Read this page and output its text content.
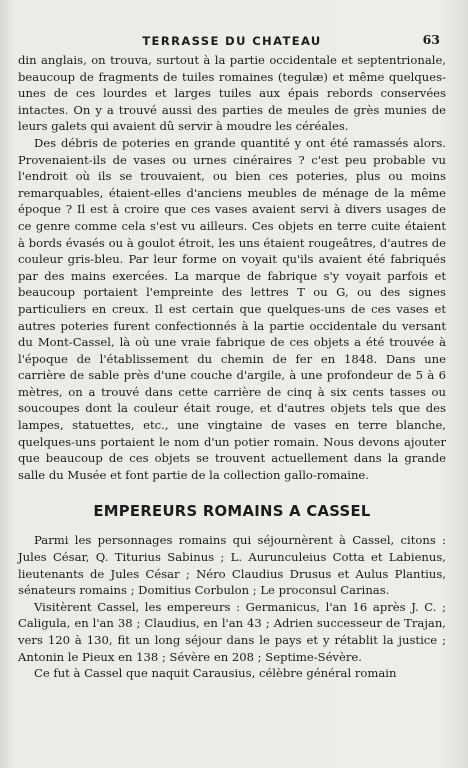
TERRASSE DU CHATEAU	63

din anglais, on trouva, surtout à la partie occidentale et septentrionale, beaucoup de fragments de tuiles romaines (tegulæ) et même quelques-unes de ces lourdes et larges tuiles aux épais rebords conservées intactes. On y a trouvé aussi des parties de meules de grès munies de leurs galets qui avaient dû servir à moudre les céréales.

Des débris de poteries en grande quantité y ont été ramassés alors. Provenaient-ils de vases ou urnes cinéraires ? c'est peu probable vu l'endroit où ils se trouvaient, ou bien ces poteries, plus ou moins remarquables, étaient-elles d'anciens meubles de ménage de la même époque ? Il est à croire que ces vases avaient servi à divers usages de ce genre comme cela s'est vu ailleurs. Ces objets en terre cuite étaient à bords évasés ou à goulot étroit, les uns étaient rougeâtres, d'autres de couleur gris-bleu. Par leur forme on voyait qu'ils avaient été fabriqués par des mains exercées. La marque de fabrique s'y voyait parfois et beaucoup portaient l'empreinte des lettres T ou G, ou des signes particuliers en creux. Il est certain que quelques-uns de ces vases et autres poteries furent confectionnés à la partie occidentale du versant du Mont-Cassel, là où une vraie fabrique de ces objets a été trouvée à l'époque de l'établissement du chemin de fer en 1848. Dans une carrière de sable près d'une couche d'argile, à une profondeur de 5 à 6 mètres, on a trouvé dans cette carrière de cinq à six cents tasses ou soucoupes dont la couleur était rouge, et d'autres objets tels que des lampes, statuettes, etc., une vingtaine de vases en terre blanche, quelques-uns portaient le nom d'un potier romain. Nous devons ajouter que beaucoup de ces objets se trouvent actuellement dans la grande salle du Musée et font partie de la collection gallo-romaine.

EMPEREURS ROMAINS A CASSEL

Parmi les personnages romains qui séjournèrent à Cassel, citons : Jules César, Q. Titurius Sabinus ; L. Aurunculeius Cotta et Labienus, lieutenants de Jules César ; Néro Claudius Drusus et Aulus Plantius, sénateurs romains ; Domitius Corbulon ; Le proconsul Carinas.

Visitèrent Cassel, les empereurs : Germanicus, l'an 16 après J. C. ; Caligula, en l'an 38 ; Claudius, en l'an 43 ; Adrien successeur de Trajan, vers 120 à 130, fit un long séjour dans le pays et y rétablit la justice ; Antonin le Pieux en 138 ; Sévère en 208 ; Septime-Sévère.

Ce fut à Cassel que naquit Carausius, célèbre général romain
